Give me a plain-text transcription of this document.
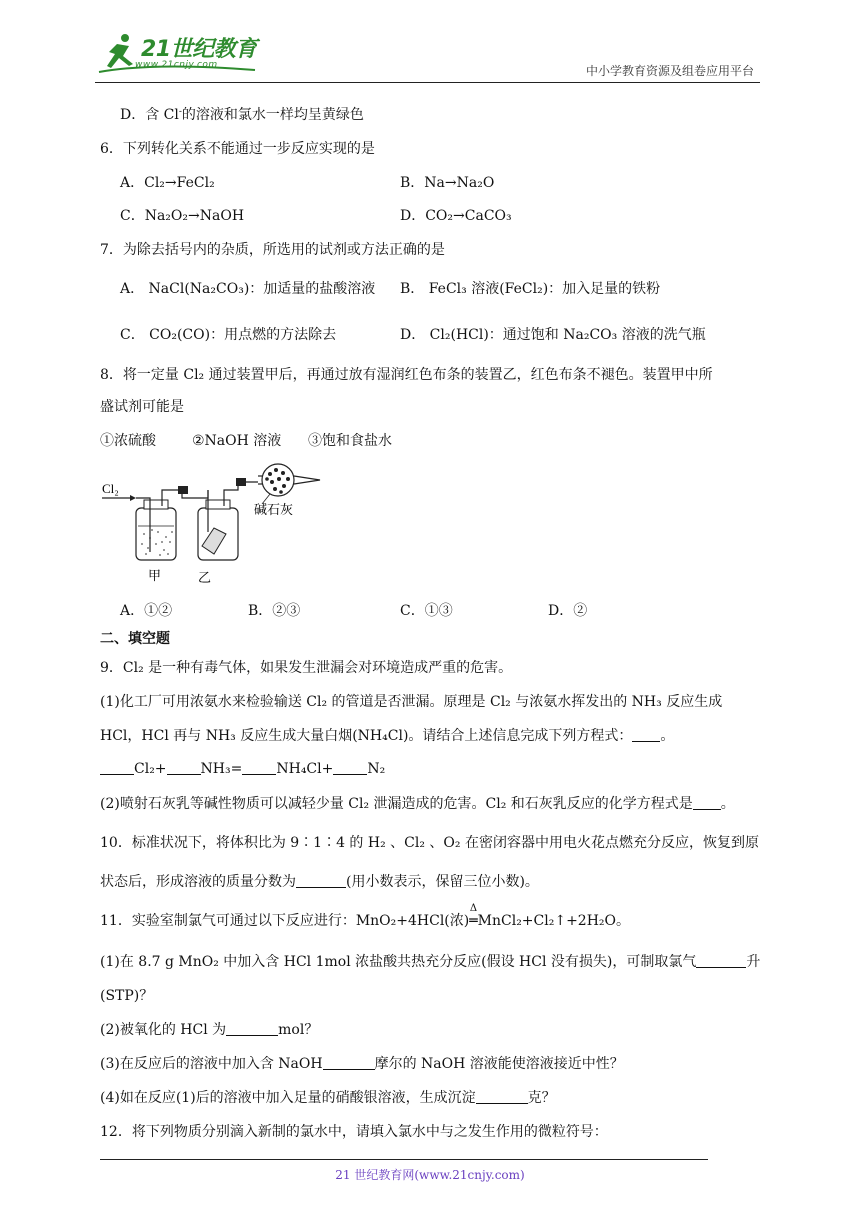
21世纪教育
www.21cnjy.com	中小学教育资源及组卷应用平台
D．含 Cl-的溶液和氯水一样均呈黄绿色
6．下列转化关系不能通过一步反应实现的是
A．Cl₂→FeCl₂	B．Na→Na₂O
C．Na₂O₂→NaOH	D．CO₂→CaCO₃
7．为除去括号内的杂质，所选用的试剂或方法正确的是
A． NaCl(Na₂CO₃)：加适量的盐酸溶液 B． FeCl₃ 溶液(FeCl₂)：加入足量的铁粉
C． CO₂(CO)：用点燃的方法除去	D． Cl₂(HCl)：通过饱和 Na₂CO₃ 溶液的洗气瓶
8．将一定量 Cl₂ 通过装置甲后，再通过放有湿润红色布条的装置乙，红色布条不褪色。装置甲中所
盛试剂可能是
①浓硫酸	②NaOH 溶液 ③饱和食盐水
Cl₂
碱石灰
甲	乙
A．①②	B．②③	C．①③	D．②
二、填空题
9．Cl₂ 是一种有毒气体，如果发生泄漏会对环境造成严重的危害。
(1)化工厂可用浓氨水来检验输送 Cl₂ 的管道是否泄漏。原理是 Cl₂ 与浓氨水挥发出的 NH₃ 反应生成
HCl，HCl 再与 NH₃ 反应生成大量白烟(NH₄Cl)。请结合上述信息完成下列方程式： 。
Cl₂+ NH₃= NH₄Cl+ N₂
(2)喷射石灰乳等碱性物质可以减轻少量 Cl₂ 泄漏造成的危害。Cl₂ 和石灰乳反应的化学方程式是 。
10．标准状况下，将体积比为 9∶1∶4 的 H₂ 、Cl₂ 、O₂ 在密闭容器中用电火花点燃充分反应，恢复到原
状态后，形成溶液的质量分数为	(用小数表示，保留三位小数)。
11．实验室制氯气可通过以下反应进行：MnO₂+4HCl(浓)
Δ
═MnCl₂+Cl₂↑+2H₂O。
(1)在 8.7 g MnO₂ 中加入含 HCl 1mol 浓盐酸共热充分反应(假设 HCl 没有损失)，可制取氯气	升
(STP)？
(2)被氧化的 HCl 为	mol？
(3)在反应后的溶液中加入含 NaOH	摩尔的 NaOH 溶液能使溶液接近中性？
(4)如在反应(1)后的溶液中加入足量的硝酸银溶液，生成沉淀	克？
12．将下列物质分别滴入新制的氯水中，请填入氯水中与之发生作用的微粒符号：
21 世纪教育网(www.21cnjy.com)
